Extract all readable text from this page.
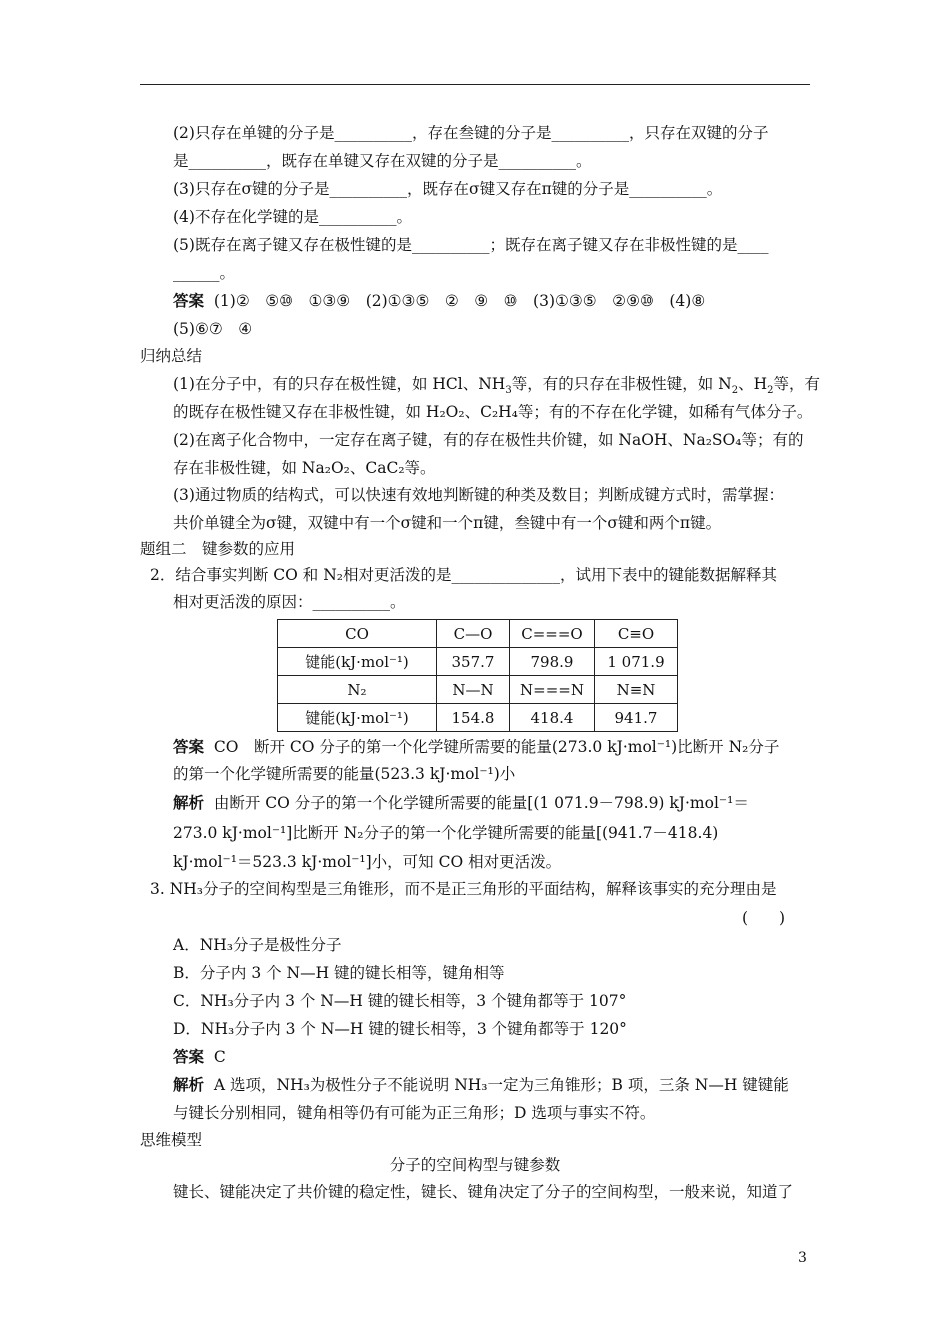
(2)只存在单键的分子是__________，存在叁键的分子是__________，只存在双键的分子
是__________，既存在单键又存在双键的分子是__________。
(3)只存在σ键的分子是__________，既存在σ键又存在π键的分子是__________。
(4)不存在化学键的是__________。
(5)既存在离子键又存在极性键的是__________；既存在离子键又存在非极性键的是____
______。
答案 (1)②　⑤⑩　①③⑨　(2)①③⑤　②　⑨　⑩　(3)①③⑤　②⑨⑩　(4)⑧
(5)⑥⑦　④
归纳总结
(1)在分子中，有的只存在极性键，如 HCl、$NH_3$等，有的只存在非极性键，如 $N_2$、$H_2$等，有
的既存在极性键又存在非极性键，如 H₂O₂、C₂H₄等；有的不存在化学键，如稀有气体分子。
(2)在离子化合物中，一定存在离子键，有的存在极性共价键，如 NaOH、Na₂SO₄等；有的
存在非极性键，如 Na₂O₂、CaC₂等。
(3)通过物质的结构式，可以快速有效地判断键的种类及数目；判断成键方式时，需掌握：
共价单键全为σ键，双键中有一个σ键和一个π键，叁键中有一个σ键和两个π键。
题组二　键参数的应用
2．结合事实判断 CO 和 N₂相对更活泼的是______________，试用下表中的键能数据解释其
相对更活泼的原因：__________。
CO	C—O	C===O	C≡O
键能(kJ·mol⁻¹)	357.7	798.9	1 071.9
N₂	N—N	N===N	N≡N
键能(kJ·mol⁻¹)	154.8	418.4	941.7
答案 CO　断开 CO 分子的第一个化学键所需要的能量(273.0 kJ·mol⁻¹)比断开 N₂分子
的第一个化学键所需要的能量(523.3 kJ·mol⁻¹)小
解析 由断开 CO 分子的第一个化学键所需要的能量[(1 071.9－798.9) kJ·mol⁻¹＝
273.0 kJ·mol⁻¹]比断开 N₂分子的第一个化学键所需要的能量[(941.7－418.4)
kJ·mol⁻¹＝523.3 kJ·mol⁻¹]小，可知 CO 相对更活泼。
3. NH₃分子的空间构型是三角锥形，而不是正三角形的平面结构，解释该事实的充分理由是
(　　)
A．NH₃分子是极性分子
B．分子内 3 个 N—H 键的键长相等，键角相等
C．NH₃分子内 3 个 N—H 键的键长相等，3 个键角都等于 107°
D．NH₃分子内 3 个 N—H 键的键长相等，3 个键角都等于 120°
答案 C
解析 A 选项，NH₃为极性分子不能说明 NH₃一定为三角锥形；B 项，三条 N—H 键键能
与键长分别相同，键角相等仍有可能为正三角形；D 选项与事实不符。
思维模型
分子的空间构型与键参数
键长、键能决定了共价键的稳定性，键长、键角决定了分子的空间构型，一般来说，知道了
3
